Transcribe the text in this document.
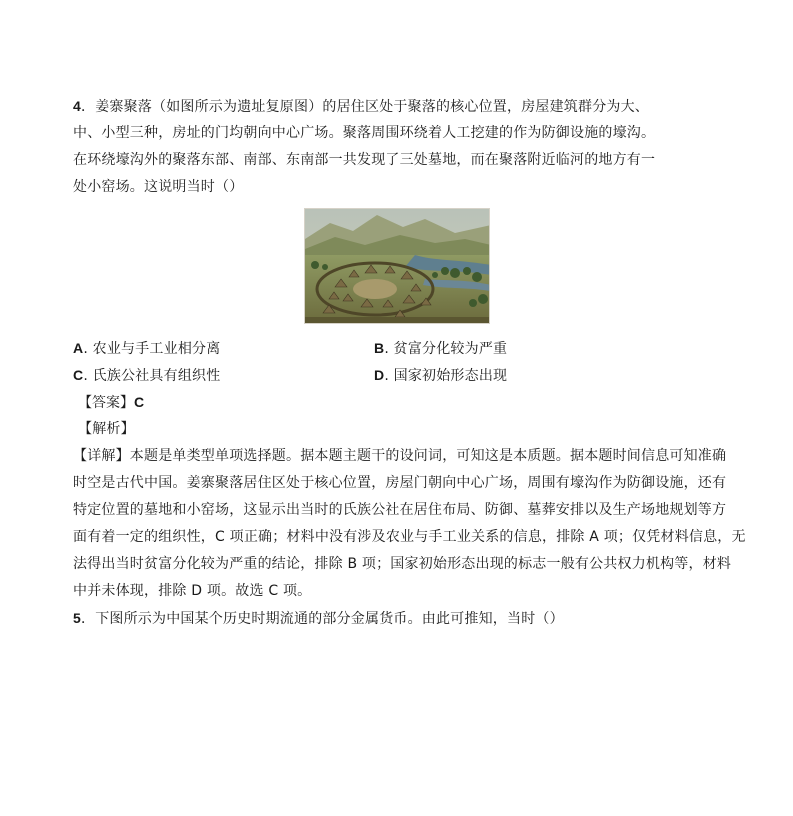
4．姜寨聚落（如图所示为遗址复原图）的居住区处于聚落的核心位置，房屋建筑群分为大、
中、小型三种，房址的门均朝向中心广场。聚落周围环绕着人工挖建的作为防御设施的壕沟。
在环绕壕沟外的聚落东部、南部、东南部一共发现了三处墓地，而在聚落附近临河的地方有一
处小窑场。这说明当时（）
A. 农业与手工业相分离	B. 贫富分化较为严重
C. 氏族公社具有组织性	D. 国家初始形态出现
【答案】C
【解析】
【详解】本题是单类型单项选择题。据本题主题干的设问词，可知这是本质题。据本题时间信息可知准确
时空是古代中国。姜寨聚落居住区处于核心位置，房屋门朝向中心广场，周围有壕沟作为防御设施，还有
特定位置的墓地和小窑场，这显示出当时的氏族公社在居住布局、防御、墓葬安排以及生产场地规划等方
面有着一定的组织性，C 项正确；材料中没有涉及农业与手工业关系的信息，排除 A 项；仅凭材料信息，无
法得出当时贫富分化较为严重的结论，排除 B 项；国家初始形态出现的标志一般有公共权力机构等，材料
中并未体现，排除 D 项。故选 C 项。
5．下图所示为中国某个历史时期流通的部分金属货币。由此可推知，当时（）
